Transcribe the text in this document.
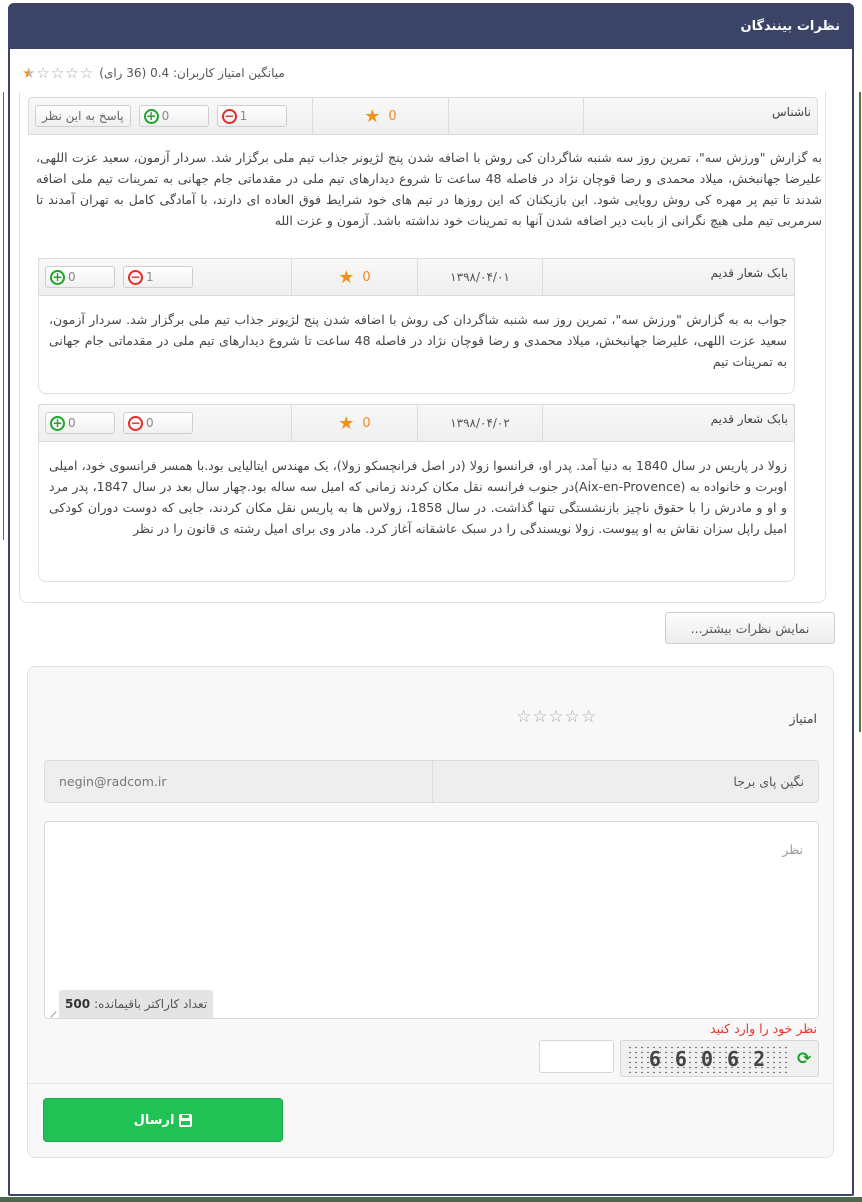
نظرات بینندگان
میانگین امتیاز کاربران: 0.4 (36 رای)
★ ☆ ☆ ☆ ☆
ناشناس
★ 0
پاسخ به این نظر	+ 0	− 1
به گزارش "ورزش سه"، تمرین روز سه شنبه شاگردان کی روش با اضافه شدن پنج لژیونر جذاب تیم ملی برگزار شد. سردار آزمون، سعید عزت اللهی، علیرضا جهانبخش، میلاد محمدی و رضا قوچان نژاد در فاصله 48 ساعت تا شروع دیدارهای تیم ملی در مقدماتی جام جهانی به تمرینات تیم ملی اضافه شدند تا تیم پر مهره کی روش رویایی شود. این بازیکنان که این روزها در تیم های خود شرایط فوق العاده ای دارند، با آمادگی کامل به تهران آمدند تا سرمربی تیم ملی هیچ نگرانی از بابت دیر اضافه شدن آنها به تمرینات خود نداشته باشد. آزمون و عزت الله
بابک شعار قدیم
۱۳۹۸/۰۴/۰۱
★ 0
+ 0	− 1
جواب به به گزارش "ورزش سه"، تمرین روز سه شنبه شاگردان کی روش با اضافه شدن پنج لژیونر جذاب تیم ملی برگزار شد. سردار آزمون، سعید عزت اللهی، علیرضا جهانبخش، میلاد محمدی و رضا قوچان نژاد در فاصله 48 ساعت تا شروع دیدارهای تیم ملی در مقدماتی جام جهانی به تمرینات تیم
بابک شعار قدیم
۱۳۹۸/۰۴/۰۲
★ 0
+ 0	− 0
زولا در پاریس در سال 1840 به دنیا آمد. پدر او، فرانسوا زولا (در اصل فرانچسکو زولا)، یک مهندس ایتالیایی بود.با همسر فرانسوی خود، امیلی اوبرت و خانواده به (Aix-en-Provence)در جنوب فرانسه نقل مکان کردند زمانی که امیل سه ساله بود.چهار سال بعد در سال 1847، پدر مرد و او و مادرش را با حقوق ناچیز بازنشستگی تنها گذاشت. در سال 1858، زولاس ها به پاریس نقل مکان کردند، جایی که دوست دوران کودکی امیل راپل سزان نقاش به او پیوست. زولا نویسندگی را در سبک عاشقانه آغاز کرد. مادر وی برای امیل رشته ی قانون را در نظر
نمایش نظرات بیشتر...
امتیاز
☆ ☆ ☆ ☆ ☆
نگین پای برجا
negin@radcom.ir
نظر
تعداد کاراکتر باقیمانده:
500
نظر خود را وارد کنید
6 6 0 6 2 ⟳
ارسال
